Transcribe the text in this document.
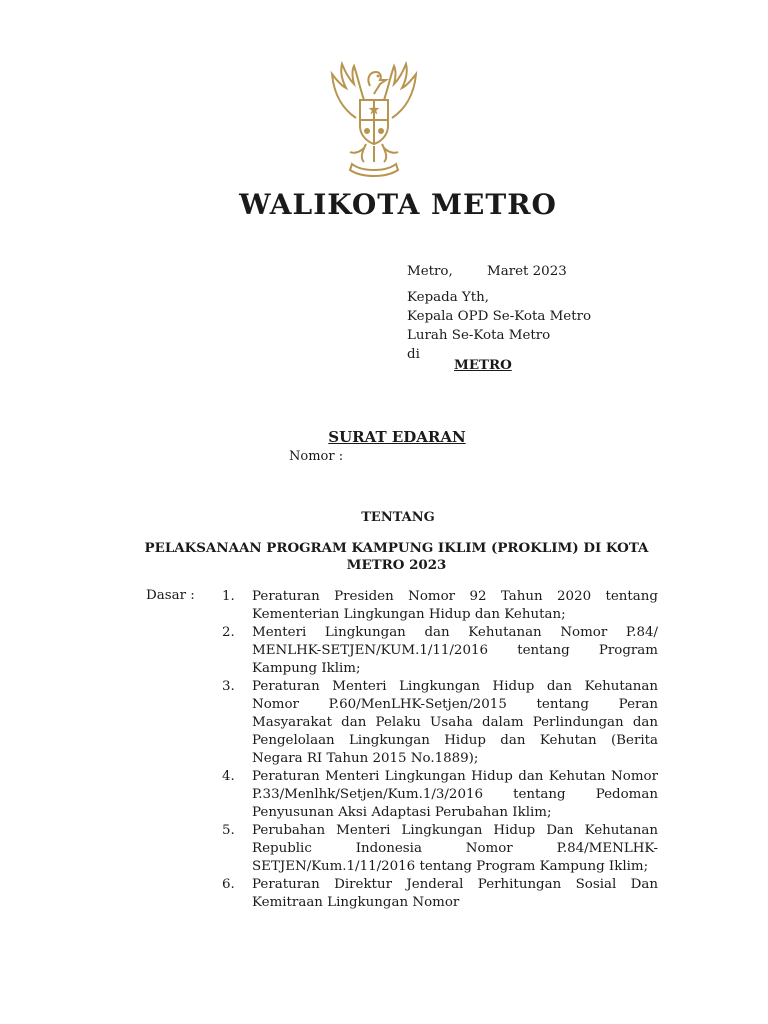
WALIKOTA METRO
Metro,	Maret 2023
Kepada Yth,
Kepala OPD Se-Kota Metro
Lurah Se-Kota Metro
di
METRO
SURAT EDARAN
Nomor :
TENTANG
PELAKSANAAN PROGRAM KAMPUNG IKLIM (PROKLIM) DI KOTA METRO 2023
Dasar : 1.	Peraturan Presiden Nomor 92 Tahun 2020 tentang Kementerian Lingkungan Hidup dan Kehutan;
2.	Menteri Lingkungan dan Kehutanan Nomor P.84/ MENLHK-SETJEN/KUM.1/11/2016 tentang Program Kampung Iklim;
3.	Peraturan Menteri Lingkungan Hidup dan Kehutanan Nomor P.60/MenLHK-Setjen/2015 tentang Peran Masyarakat dan Pelaku Usaha dalam Perlindungan dan Pengelolaan Lingkungan Hidup dan Kehutan (Berita Negara RI Tahun 2015 No.1889);
4.	Peraturan Menteri Lingkungan Hidup dan Kehutan Nomor P.33/Menlhk/Setjen/Kum.1/3/2016 tentang Pedoman Penyusunan Aksi Adaptasi Perubahan Iklim;
5.	Perubahan Menteri Lingkungan Hidup Dan Kehutanan Republic Indonesia Nomor P.84/MENLHK-SETJEN/Kum.1/11/2016 tentang Program Kampung Iklim;
6.	Peraturan Direktur Jenderal Perhitungan Sosial Dan Kemitraan Lingkungan Nomor
